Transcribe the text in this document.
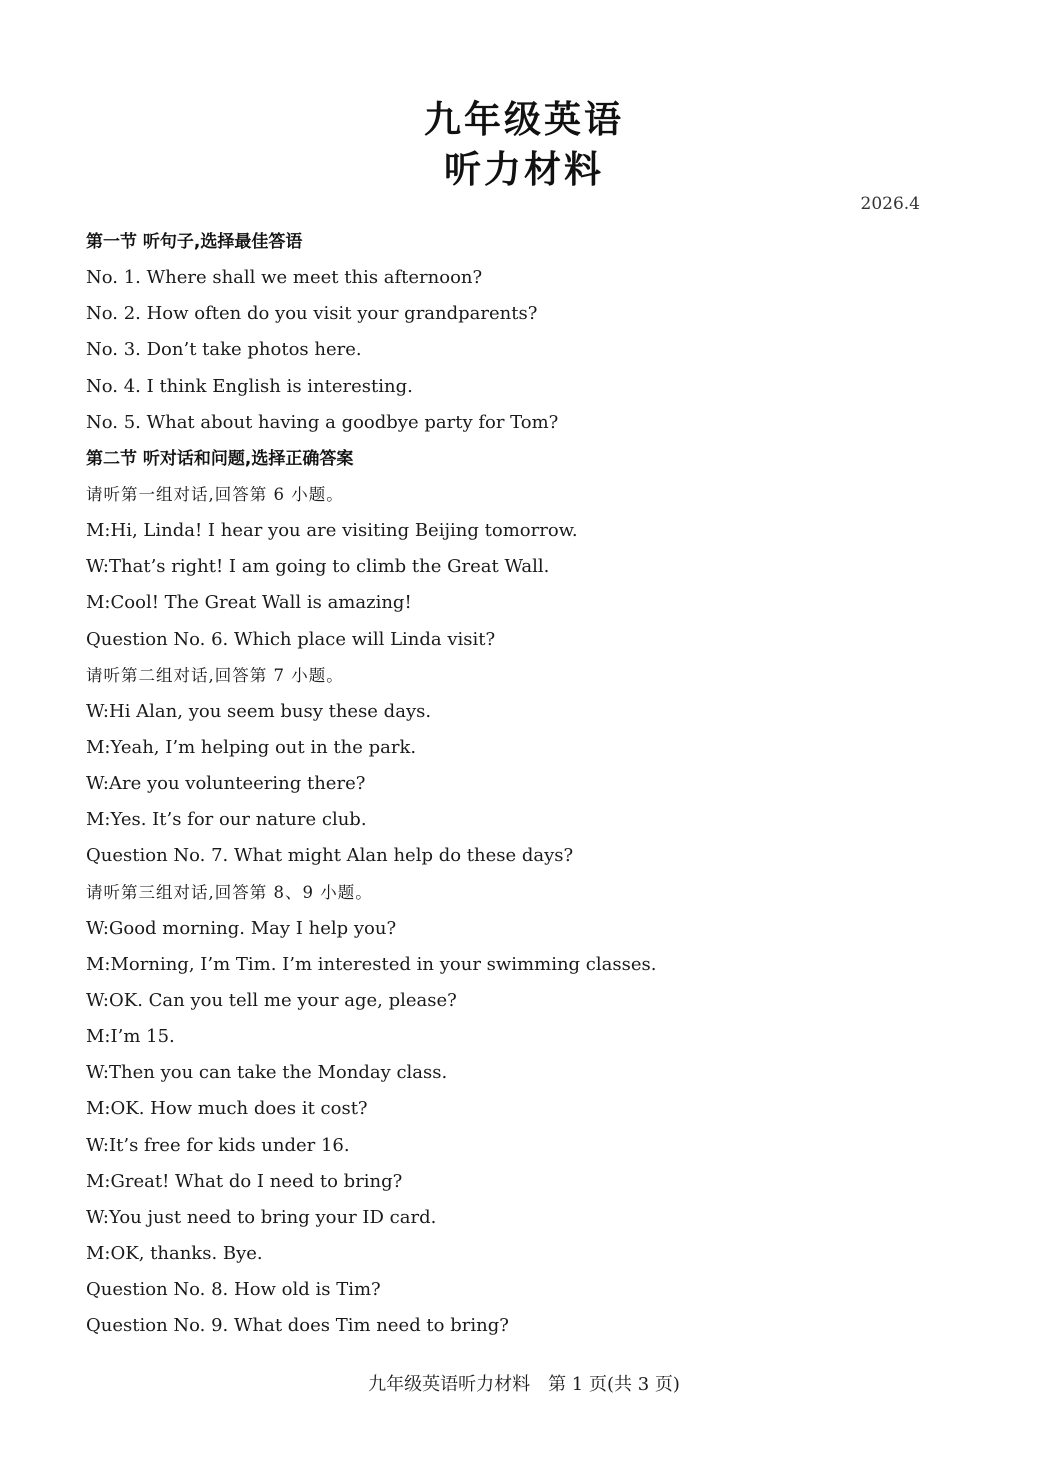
九年级英语
听力材料
2026.4
第一节 听句子,选择最佳答语
No. 1. Where shall we meet this afternoon?
No. 2. How often do you visit your grandparents?
No. 3. Don’t take photos here.
No. 4. I think English is interesting.
No. 5. What about having a goodbye party for Tom?
第二节 听对话和问题,选择正确答案
请听第一组对话,回答第 6 小题。
M:Hi, Linda! I hear you are visiting Beijing tomorrow.
W:That’s right! I am going to climb the Great Wall.
M:Cool! The Great Wall is amazing!
Question No. 6. Which place will Linda visit?
请听第二组对话,回答第 7 小题。
W:Hi Alan, you seem busy these days.
M:Yeah, I’m helping out in the park.
W:Are you volunteering there?
M:Yes. It’s for our nature club.
Question No. 7. What might Alan help do these days?
请听第三组对话,回答第 8、9 小题。
W:Good morning. May I help you?
M:Morning, I’m Tim. I’m interested in your swimming classes.
W:OK. Can you tell me your age, please?
M:I’m 15.
W:Then you can take the Monday class.
M:OK. How much does it cost?
W:It’s free for kids under 16.
M:Great! What do I need to bring?
W:You just need to bring your ID card.
M:OK, thanks. Bye.
Question No. 8. How old is Tim?
Question No. 9. What does Tim need to bring?
九年级英语听力材料　第 1 页(共 3 页)
